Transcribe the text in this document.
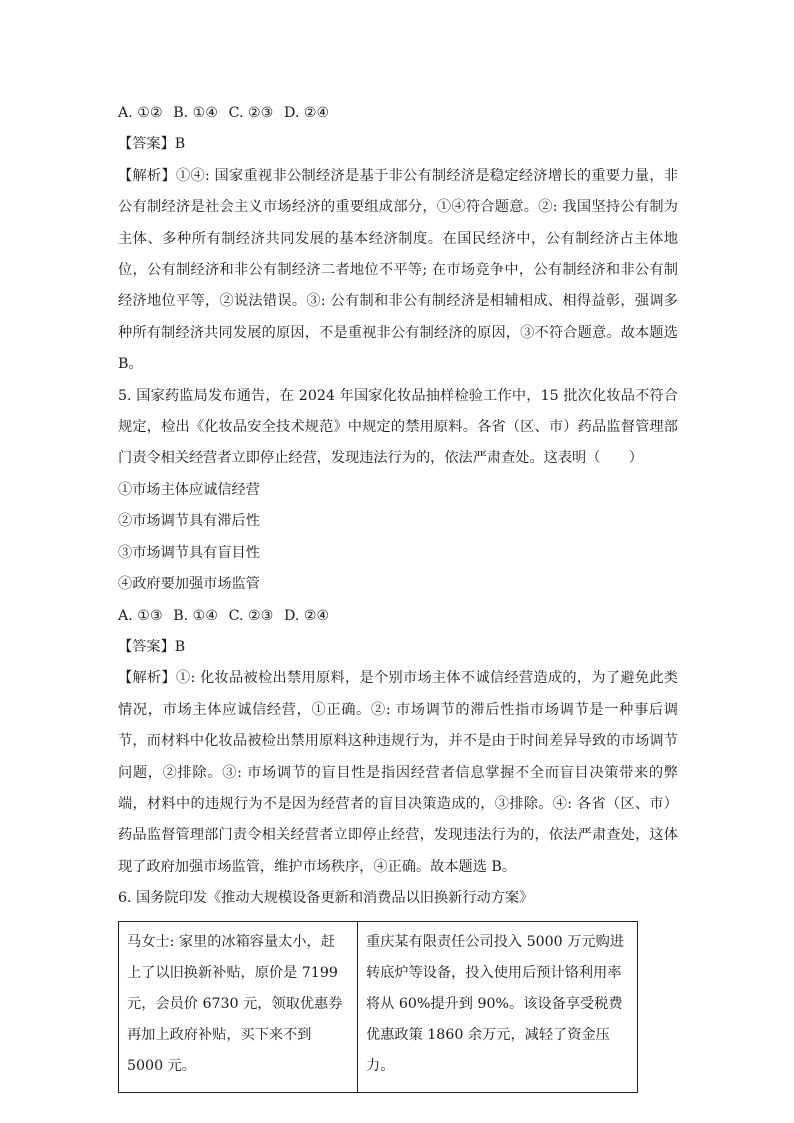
A. ①② B. ①④ C. ②③ D. ②④
【答案】B
【解析】①④: 国家重视非公制经济是基于非公有制经济是稳定经济增长的重要力量，非公有制经济是社会主义市场经济的重要组成部分，①④符合题意。②: 我国坚持公有制为主体、多种所有制经济共同发展的基本经济制度。在国民经济中，公有制经济占主体地位，公有制经济和非公有制经济二者地位不平等; 在市场竞争中，公有制经济和非公有制经济地位平等，②说法错误。③: 公有制和非公有制经济是相辅相成、相得益彰，强调多种所有制经济共同发展的原因，不是重视非公有制经济的原因，③不符合题意。故本题选 B。
5. 国家药监局发布通告，在 2024 年国家化妆品抽样检验工作中，15 批次化妆品不符合规定，检出《化妆品安全技术规范》中规定的禁用原料。各省（区、市）药品监督管理部门责令相关经营者立即停止经营，发现违法行为的，依法严肃查处。这表明（　　）
①市场主体应诚信经营
②市场调节具有滞后性
③市场调节具有盲目性
④政府要加强市场监管
A. ①③ B. ①④ C. ②③ D. ②④
【答案】B
【解析】①: 化妆品被检出禁用原料，是个别市场主体不诚信经营造成的，为了避免此类情况，市场主体应诚信经营，①正确。②: 市场调节的滞后性指市场调节是一种事后调节，而材料中化妆品被检出禁用原料这种违规行为，并不是由于时间差异导致的市场调节问题，②排除。③: 市场调节的盲目性是指因经营者信息掌握不全而盲目决策带来的弊端，材料中的违规行为不是因为经营者的盲目决策造成的，③排除。④: 各省（区、市）药品监督管理部门责令相关经营者立即停止经营，发现违法行为的，依法严肃查处，这体现了政府加强市场监管，维护市场秩序，④正确。故本题选 B。
6. 国务院印发《推动大规模设备更新和消费品以旧换新行动方案》
马女士: 家里的冰箱容量太小，赶上了以旧换新补贴，原价是 7199 元，会员价 6730 元，领取优惠券再加上政府补贴，买下来不到 5000 元。	重庆某有限责任公司投入 5000 万元购进转底炉等设备，投入使用后预计铬利用率将从 60%提升到 90%。该设备享受税费优惠政策 1860 余万元，减轻了资金压力。
